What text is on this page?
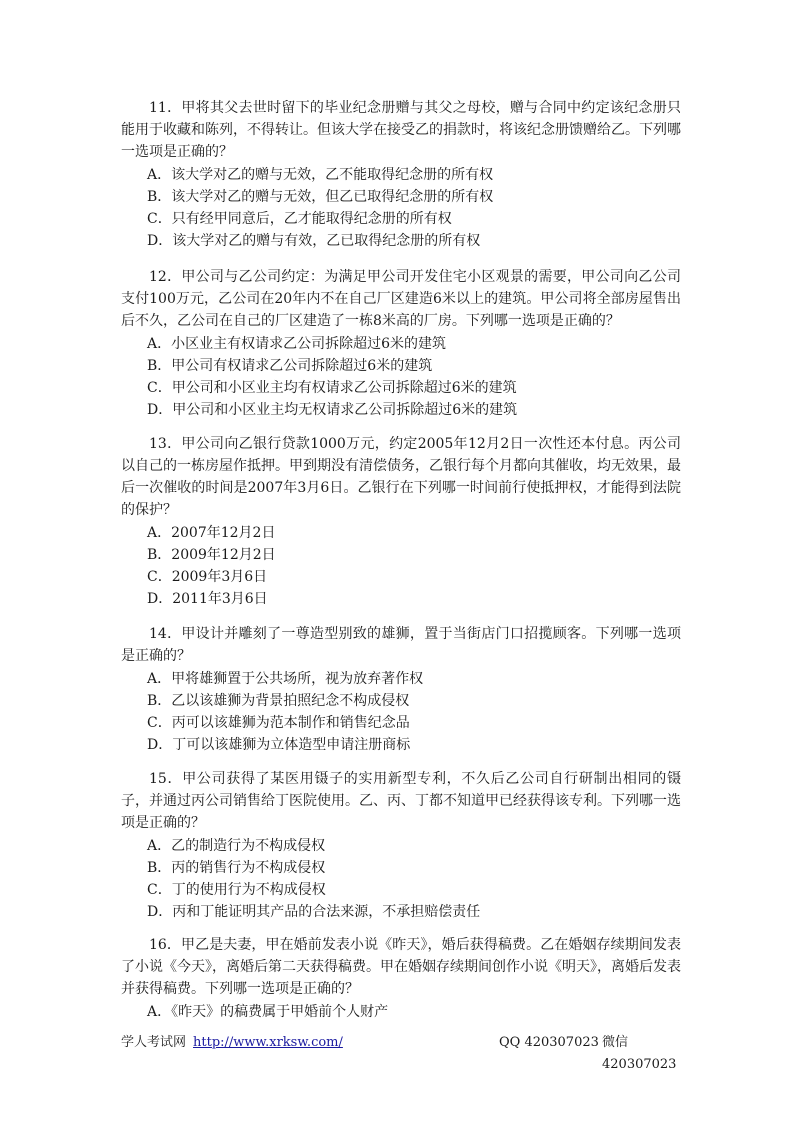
11．甲将其父去世时留下的毕业纪念册赠与其父之母校，赠与合同中约定该纪念册只能用于收藏和陈列，不得转让。但该大学在接受乙的捐款时，将该纪念册馈赠给乙。下列哪一选项是正确的？

A．该大学对乙的赠与无效，乙不能取得纪念册的所有权
B．该大学对乙的赠与无效，但乙已取得纪念册的所有权
C．只有经甲同意后，乙才能取得纪念册的所有权
D．该大学对乙的赠与有效，乙已取得纪念册的所有权

12．甲公司与乙公司约定：为满足甲公司开发住宅小区观景的需要，甲公司向乙公司支付100万元，乙公司在20年内不在自己厂区建造6米以上的建筑。甲公司将全部房屋售出后不久，乙公司在自己的厂区建造了一栋8米高的厂房。下列哪一选项是正确的？

A．小区业主有权请求乙公司拆除超过6米的建筑
B．甲公司有权请求乙公司拆除超过6米的建筑
C．甲公司和小区业主均有权请求乙公司拆除超过6米的建筑
D．甲公司和小区业主均无权请求乙公司拆除超过6米的建筑

13．甲公司向乙银行贷款1000万元，约定2005年12月2日一次性还本付息。丙公司以自己的一栋房屋作抵押。甲到期没有清偿债务，乙银行每个月都向其催收，均无效果，最后一次催收的时间是2007年3月6日。乙银行在下列哪一时间前行使抵押权，才能得到法院的保护？

A．2007年12月2日
B．2009年12月2日
C．2009年3月6日
D．2011年3月6日

14．甲设计并雕刻了一尊造型别致的雄狮，置于当街店门口招揽顾客。下列哪一选项是正确的？

A．甲将雄狮置于公共场所，视为放弃著作权
B．乙以该雄狮为背景拍照纪念不构成侵权
C．丙可以该雄狮为范本制作和销售纪念品
D．丁可以该雄狮为立体造型申请注册商标

15．甲公司获得了某医用镊子的实用新型专利，不久后乙公司自行研制出相同的镊子，并通过丙公司销售给丁医院使用。乙、丙、丁都不知道甲已经获得该专利。下列哪一选项是正确的？

A．乙的制造行为不构成侵权
B．丙的销售行为不构成侵权
C．丁的使用行为不构成侵权
D．丙和丁能证明其产品的合法来源，不承担赔偿责任

16．甲乙是夫妻，甲在婚前发表小说《昨天》，婚后获得稿费。乙在婚姻存续期间发表了小说《今天》，离婚后第二天获得稿费。甲在婚姻存续期间创作小说《明天》，离婚后发表并获得稿费。下列哪一选项是正确的？

A．《昨天》的稿费属于甲婚前个人财产
学人考试网 http://www.xrksw.com/	QQ 420307023 微信 420307023
